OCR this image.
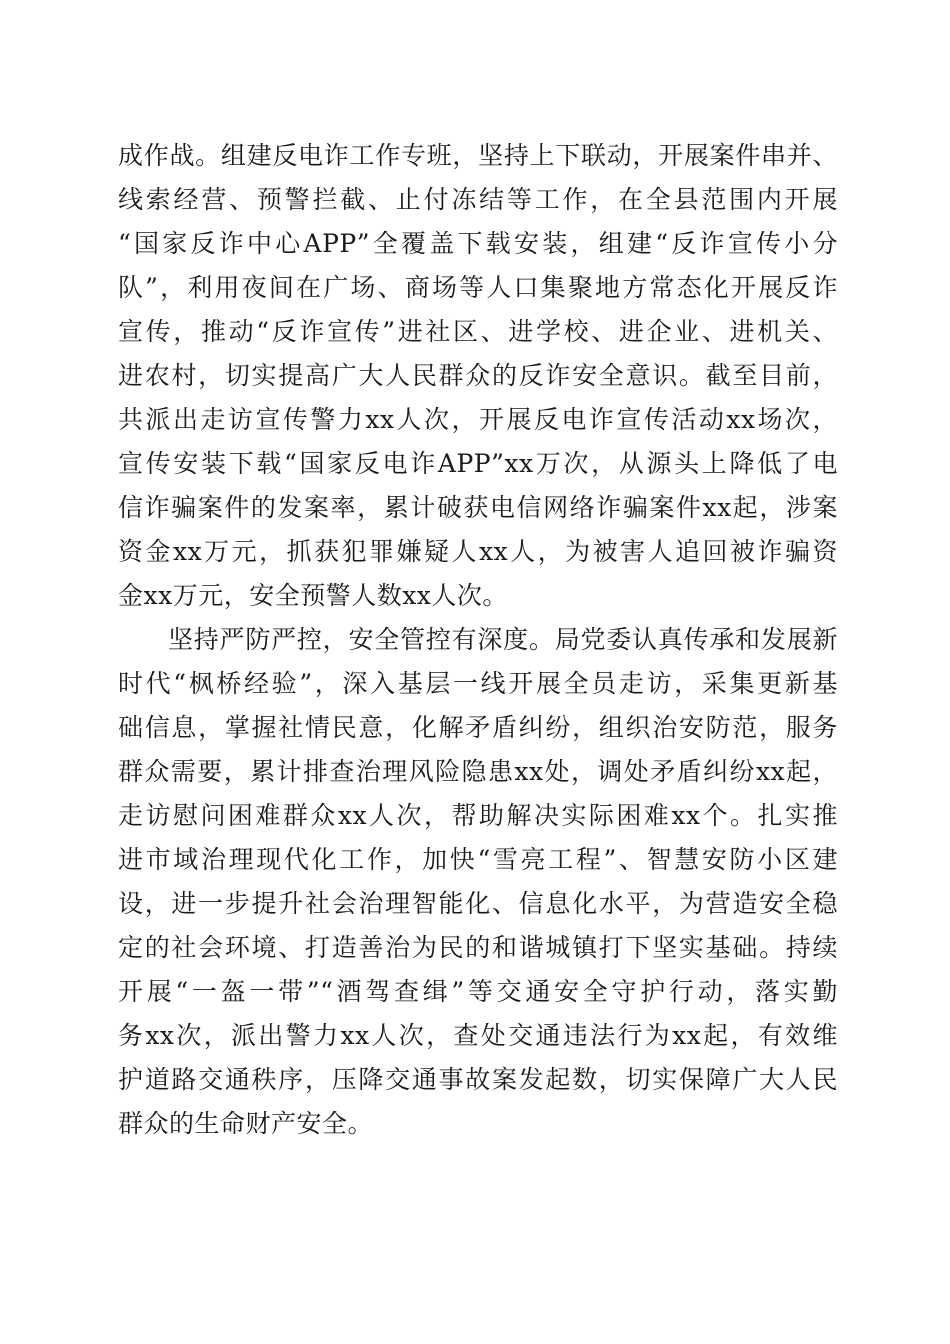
成作战。组建反电诈工作专班，坚持上下联动，开展案件串并、
线索经营、预警拦截、止付冻结等工作，在全县范围内开展
“国家反诈中心APP”全覆盖下载安装，组建“反诈宣传小分
队”，利用夜间在广场、商场等人口集聚地方常态化开展反诈
宣传，推动“反诈宣传”进社区、进学校、进企业、进机关、
进农村，切实提高广大人民群众的反诈安全意识。截至目前，
共派出走访宣传警力xx人次，开展反电诈宣传活动xx场次，
宣传安装下载“国家反电诈APP”xx万次，从源头上降低了电
信诈骗案件的发案率，累计破获电信网络诈骗案件xx起，涉案
资金xx万元，抓获犯罪嫌疑人xx人，为被害人追回被诈骗资
金xx万元，安全预警人数xx人次。
坚持严防严控，安全管控有深度。局党委认真传承和发展新
时代“枫桥经验”，深入基层一线开展全员走访，采集更新基
础信息，掌握社情民意，化解矛盾纠纷，组织治安防范，服务
群众需要，累计排查治理风险隐患xx处，调处矛盾纠纷xx起，
走访慰问困难群众xx人次，帮助解决实际困难xx个。扎实推
进市域治理现代化工作，加快“雪亮工程”、智慧安防小区建
设，进一步提升社会治理智能化、信息化水平，为营造安全稳
定的社会环境、打造善治为民的和谐城镇打下坚实基础。持续
开展“一盔一带”“酒驾查缉”等交通安全守护行动，落实勤
务xx次，派出警力xx人次，查处交通违法行为xx起，有效维
护道路交通秩序，压降交通事故案发起数，切实保障广大人民
群众的生命财产安全。
